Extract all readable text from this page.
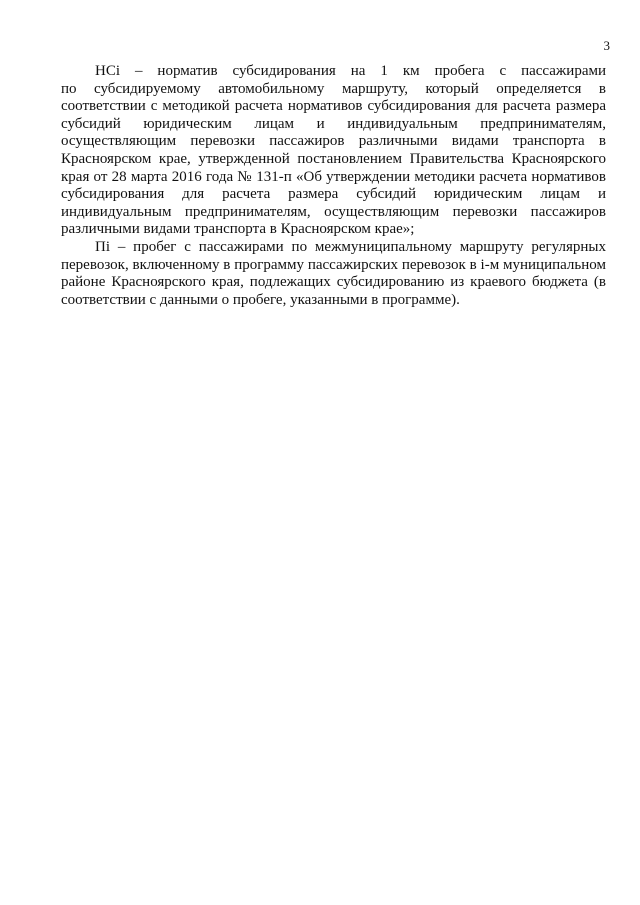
3

HCi – норматив субсидирования на 1 км пробега с пассажирами
по субсидируемому автомобильному маршруту, который определяется в соответствии с методикой расчета нормативов субсидирования для расчета размера субсидий юридическим лицам и индивидуальным предпринимателям, осуществляющим перевозки пассажиров различными видами транспорта в Красноярском крае, утвержденной постановлением Правительства Красноярского края от 28 марта 2016 года № 131-п «Об утверждении методики расчета нормативов субсидирования для расчета размера субсидий юридическим лицам и индивидуальным предпринимателям, осуществляющим перевозки пассажиров различными видами транспорта в Красноярском крае»;

Пi – пробег с пассажирами по межмуниципальному маршруту регулярных
перевозок, включенному в программу пассажирских перевозок в i-м муниципальном районе Красноярского края, подлежащих субсидированию из краевого бюджета (в соответствии с данными о пробеге, указанными в программе).
